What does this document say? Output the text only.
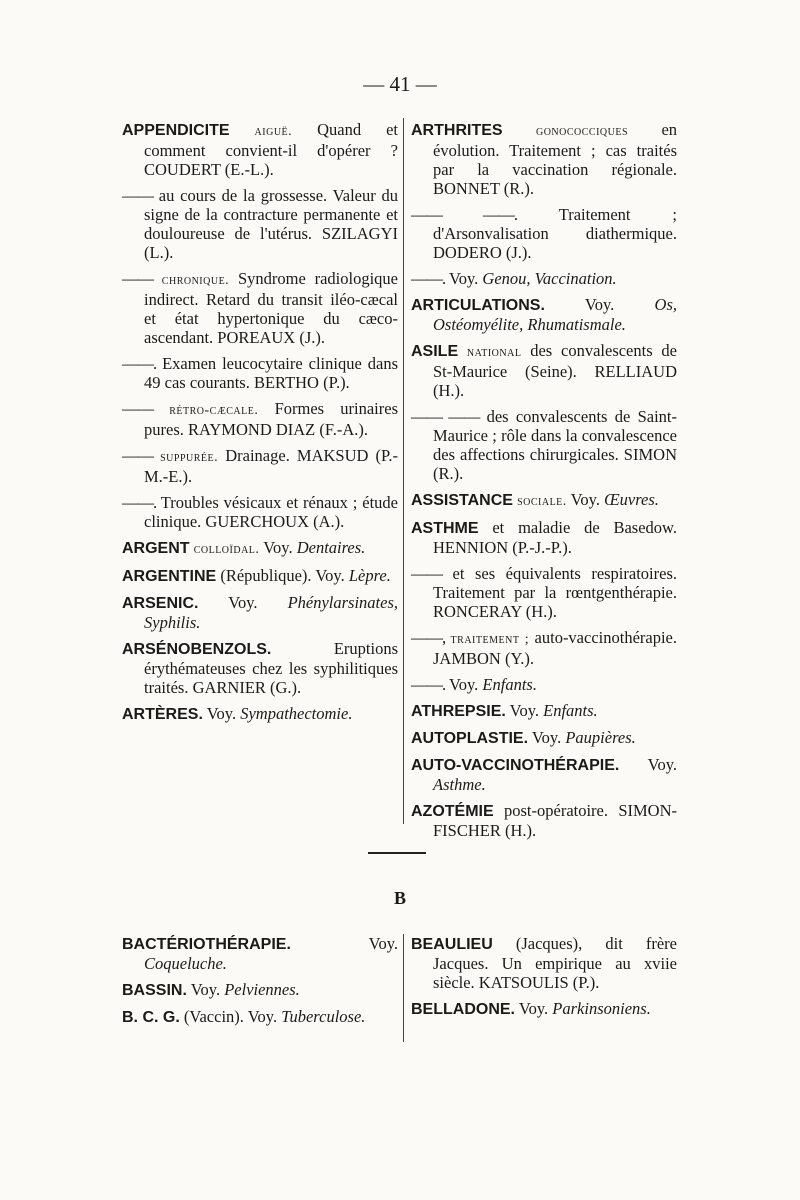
— 41 —
APPENDICITE aiguë. Quand et comment convient-il d'opérer ? COUDERT (E.-L.).
—— au cours de la grossesse. Valeur du signe de la contracture permanente et douloureuse de l'utérus. SZILAGYI (L.).
—— chronique. Syndrome radiologique indirect. Retard du transit iléo-cæcal et état hypertonique du cæco-ascendant. POREAUX (J.).
——. Examen leucocytaire clinique dans 49 cas courants. BERTHO (P.).
—— rétro-cæcale. Formes urinaires pures. RAYMOND DIAZ (F.-A.).
—— suppurée. Drainage. MAKSUD (P.-M.-E.).
——. Troubles vésicaux et rénaux ; étude clinique. GUERCHOUX (A.).
ARGENT colloïdal. Voy. Dentaires.
ARGENTINE (République). Voy. Lèpre.
ARSENIC. Voy. Phénylarsinates, Syphilis.
ARSÉNOBENZOLS.	Eruptions érythémateuses chez les syphilitiques traités. GARNIER (G.).
ARTÈRES. Voy. Sympathectomie.
ARTHRITES gonococciques en évolution. Traitement ; cas traités par la vaccination régionale. BONNET (R.).
—— ——.	Traitement ; d'Arsonvalisation diathermique. DODERO (J.).
——. Voy. Genou, Vaccination.
ARTICULATIONS. Voy. Os, Ostéomyélite, Rhumatismale.
ASILE national des convalescents de St-Maurice (Seine). RELLIAUD (H.).
—— —— des convalescents de Saint-Maurice ; rôle dans la convalescence des affections chirurgicales. SIMON (R.).
ASSISTANCE sociale. Voy. Œuvres.
ASTHME et maladie de Basedow. HENNION (P.-J.-P.).
—— et ses équivalents respiratoires. Traitement par la rœntgenthérapie. RONCERAY (H.).
——, traitement ; auto-vaccinothérapie. JAMBON (Y.).
——. Voy. Enfants.
ATHREPSIE. Voy. Enfants.
AUTOPLASTIE. Voy. Paupières.
AUTO-VACCINOTHÉRAPIE. Voy. Asthme.
AZOTÉMIE post-opératoire. SIMON-FISCHER (H.).
B
BACTÉRIOTHÉRAPIE.	Voy. Coqueluche.
BASSIN. Voy. Pelviennes.
B. C. G. (Vaccin). Voy. Tuberculose.
BEAULIEU (Jacques), dit frère Jacques. Un empirique au xviie siècle. KATSOULIS (P.).
BELLADONE. Voy. Parkinsoniens.
